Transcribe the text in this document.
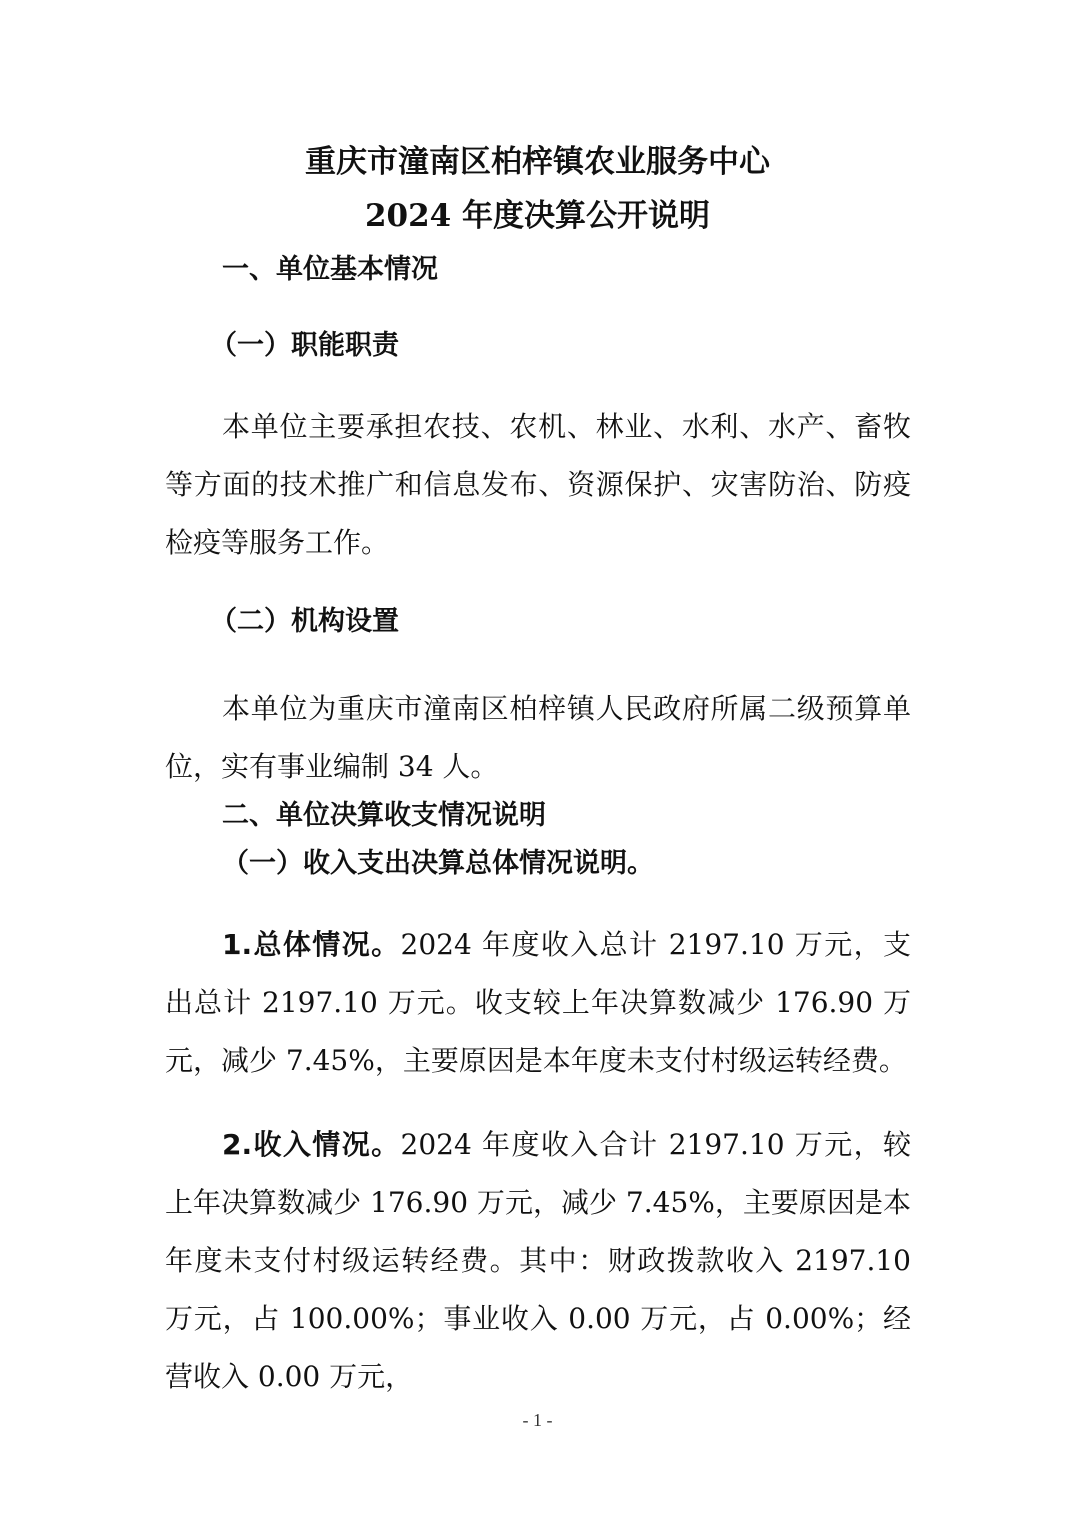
重庆市潼南区柏梓镇农业服务中心
2024 年度决算公开说明
一、单位基本情况
（一）职能职责

本单位主要承担农技、农机、林业、水利、水产、畜牧等方面的技术推广和信息发布、资源保护、灾害防治、防疫检疫等服务工作。

（二）机构设置

本单位为重庆市潼南区柏梓镇人民政府所属二级预算单位，实有事业编制 34 人。

二、单位决算收支情况说明
（一）收入支出决算总体情况说明。

1.总体情况。2024 年度收入总计 2197.10 万元，支出总计 2197.10 万元。收支较上年决算数减少 176.90 万元，减少 7.45%，主要原因是本年度未支付村级运转经费。

2.收入情况。2024 年度收入合计 2197.10 万元，较上年决算数减少 176.90 万元，减少 7.45%，主要原因是本年度未支付村级运转经费。其中：财政拨款收入 2197.10 万元，占 100.00%；事业收入 0.00 万元，占 0.00%；经营收入 0.00 万元，

- 1 -
